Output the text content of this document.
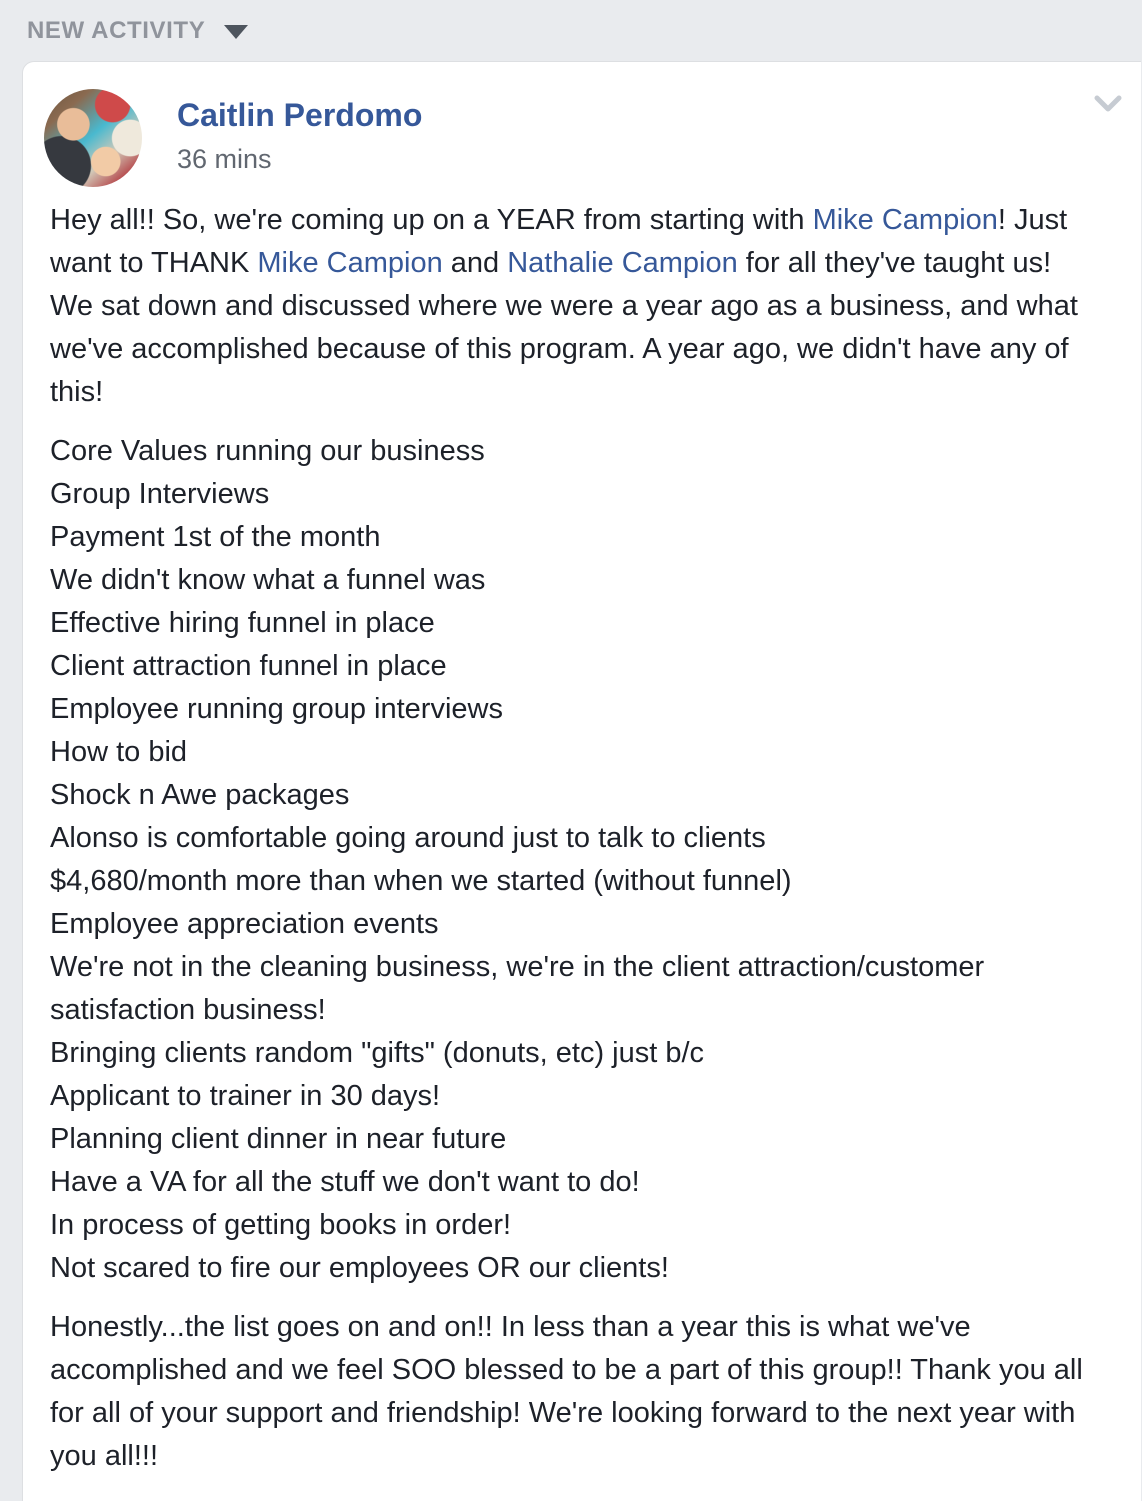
NEW ACTIVITY
Caitlin Perdomo
36 mins

Hey all!! So, we're coming up on a YEAR from starting with Mike Campion! Just want to THANK Mike Campion and Nathalie Campion for all they've taught us! We sat down and discussed where we were a year ago as a business, and what we've accomplished because of this program. A year ago, we didn't have any of this!

Core Values running our business
Group Interviews
Payment 1st of the month
We didn't know what a funnel was
Effective hiring funnel in place
Client attraction funnel in place
Employee running group interviews
How to bid
Shock n Awe packages
Alonso is comfortable going around just to talk to clients
$4,680/month more than when we started (without funnel)
Employee appreciation events
We're not in the cleaning business, we're in the client attraction/customer satisfaction business!
Bringing clients random "gifts" (donuts, etc) just b/c
Applicant to trainer in 30 days!
Planning client dinner in near future
Have a VA for all the stuff we don't want to do!
In process of getting books in order!
Not scared to fire our employees OR our clients!

Honestly...the list goes on and on!! In less than a year this is what we've accomplished and we feel SOO blessed to be a part of this group!! Thank you all for all of your support and friendship! We're looking forward to the next year with you all!!!
